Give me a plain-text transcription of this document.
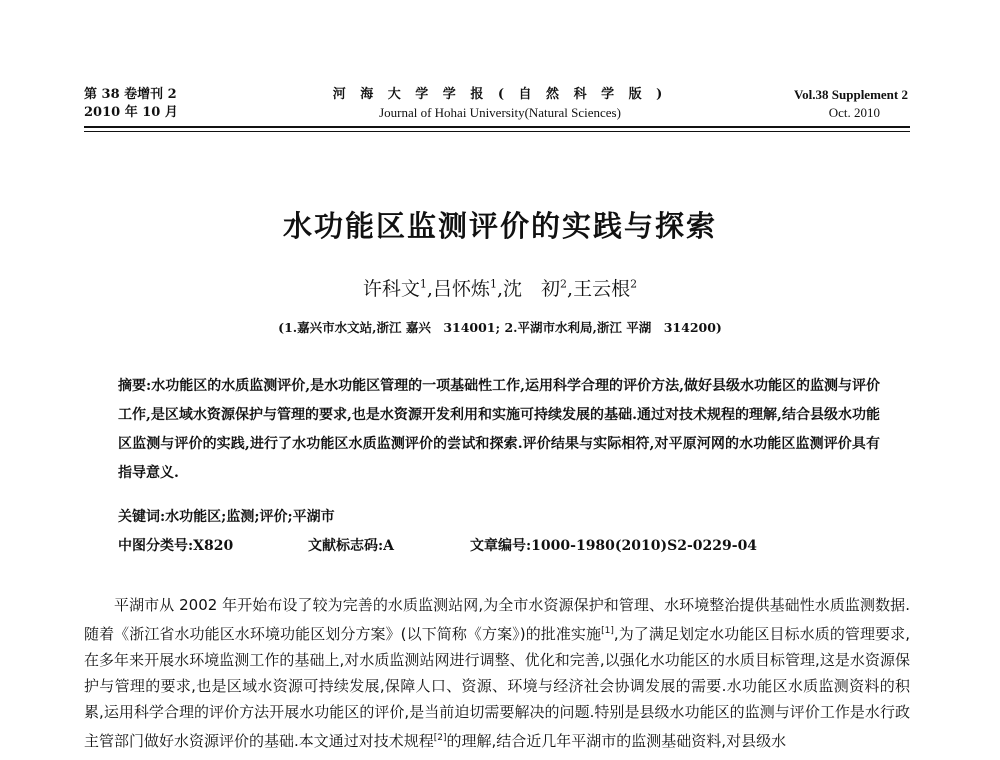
第 38 卷增刊 2
2010 年 10 月
河 海 大 学 学 报 ( 自 然 科 学 版 )
Journal of Hohai University(Natural Sciences)
Vol.38 Supplement 2
Oct. 2010
水功能区监测评价的实践与探索
许科文$^1$,吕怀炼$^1$,沈　初$^2$,王云根$^2$
(1.嘉兴市水文站,浙江 嘉兴　314001; 2.平湖市水利局,浙江 平湖　314200)

摘要:水功能区的水质监测评价,是水功能区管理的一项基础性工作,运用科学合理的评价方法,做好县级水功能区的监测与评价工作,是区域水资源保护与管理的要求,也是水资源开发利用和实施可持续发展的基础.通过对技术规程的理解,结合县级水功能区监测与评价的实践,进行了水功能区水质监测评价的尝试和探索.评价结果与实际相符,对平原河网的水功能区监测评价具有指导意义.

关键词:水功能区;监测;评价;平湖市
中图分类号:X820	文献标志码:A	文章编号:1000-1980(2010)S2-0229-04

平湖市从 2002 年开始布设了较为完善的水质监测站网,为全市水资源保护和管理、水环境整治提供基础性水质监测数据.随着《浙江省水功能区水环境功能区划分方案》(以下简称《方案》)的批准实施[1],为了满足划定水功能区目标水质的管理要求,在多年来开展水环境监测工作的基础上,对水质监测站网进行调整、优化和完善,以强化水功能区的水质目标管理,这是水资源保护与管理的要求,也是区域水资源可持续发展,保障人口、资源、环境与经济社会协调发展的需要.水功能区水质监测资料的积累,运用科学合理的评价方法开展水功能区的评价,是当前迫切需要解决的问题.特别是县级水功能区的监测与评价工作是水行政主管部门做好水资源评价的基础.本文通过对技术规程[2]的理解,结合近几年平湖市的监测基础资料,对县级水
